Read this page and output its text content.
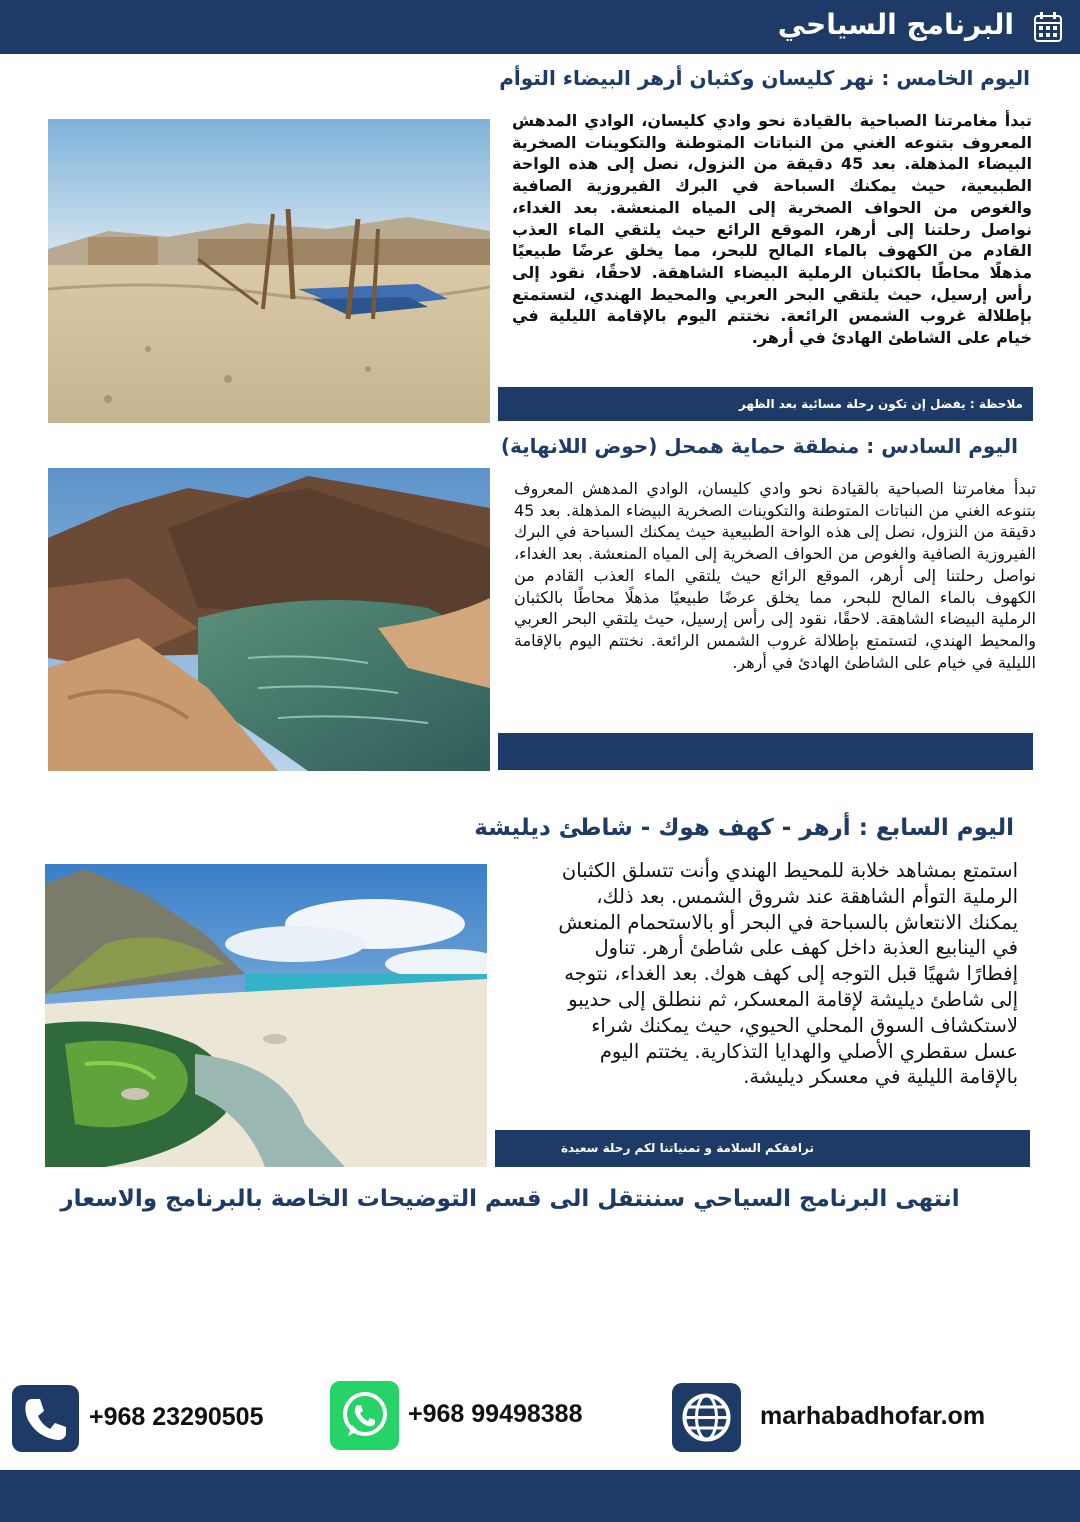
البرنامج السياحي
اليوم الخامس : نهر كليسان وكثبان أرهر البيضاء التوأم

تبدأ مغامرتنا الصباحية بالقيادة نحو وادي كليسان، الوادي المدهش المعروف بتنوعه الغني من النباتات المتوطنة والتكوينات الصخرية البيضاء المذهلة. بعد 45 دقيقة من النزول، نصل إلى هذه الواحة الطبيعية، حيث يمكنك السباحة في البرك الفيروزية الصافية والغوص من الحواف الصخرية إلى المياه المنعشة. بعد الغداء، نواصل رحلتنا إلى أرهر، الموقع الرائع حيث يلتقي الماء العذب القادم من الكهوف بالماء المالح للبحر، مما يخلق عرضًا طبيعيًا مذهلًا محاطًا بالكثبان الرملية البيضاء الشاهقة. لاحقًا، نقود إلى رأس إرسيل، حيث يلتقي البحر العربي والمحيط الهندي، لتستمتع بإطلالة غروب الشمس الرائعة. نختتم اليوم بالإقامة الليلية في خيام على الشاطئ الهادئ في أرهر.

ملاحظة : يفضل إن تكون رحلة مسائية بعد الظهر
اليوم السادس : منطقة حماية همحل (حوض اللانهاية)

تبدأ مغامرتنا الصباحية بالقيادة نحو وادي كليسان، الوادي المدهش المعروف بتنوعه الغني من النباتات المتوطنة والتكوينات الصخرية البيضاء المذهلة. بعد 45 دقيقة من النزول، نصل إلى هذه الواحة الطبيعية حيث يمكنك السباحة في البرك الفيروزية الصافية والغوص من الحواف الصخرية إلى المياه المنعشة. بعد الغداء، نواصل رحلتنا إلى أرهر، الموقع الرائع حيث يلتقي الماء العذب القادم من الكهوف بالماء المالح للبحر، مما يخلق عرضًا طبيعيًا مذهلًا محاطًا بالكثبان الرملية البيضاء الشاهقة. لاحقًا، نقود إلى رأس إرسيل، حيث يلتقي البحر العربي والمحيط الهندي، لتستمتع بإطلالة غروب الشمس الرائعة. نختتم اليوم بالإقامة الليلية في خيام على الشاطئ الهادئ في أرهر.

اليوم السابع : أرهر - كهف هوك - شاطئ ديليشة

استمتع بمشاهد خلابة للمحيط الهندي وأنت تتسلق الكثبان الرملية التوأم الشاهقة عند شروق الشمس. بعد ذلك، يمكنك الانتعاش بالسباحة في البحر أو بالاستحمام المنعش في الينابيع العذبة داخل كهف على شاطئ أرهر. تناول إفطارًا شهيًا قبل التوجه إلى كهف هوك. بعد الغداء، نتوجه إلى شاطئ ديليشة لإقامة المعسكر، ثم ننطلق إلى حديبو لاستكشاف السوق المحلي الحيوي، حيث يمكنك شراء عسل سقطري الأصلي والهدايا التذكارية. يختتم اليوم بالإقامة الليلية في معسكر ديليشة.

ترافقكم السلامة و تمنياتنا لكم رحلة سعيدة
انتهى البرنامج السياحي سننتقل الى قسم التوضيحات الخاصة بالبرنامج والاسعار
+968 23290505	+968 99498388	marhabadhofar.om
